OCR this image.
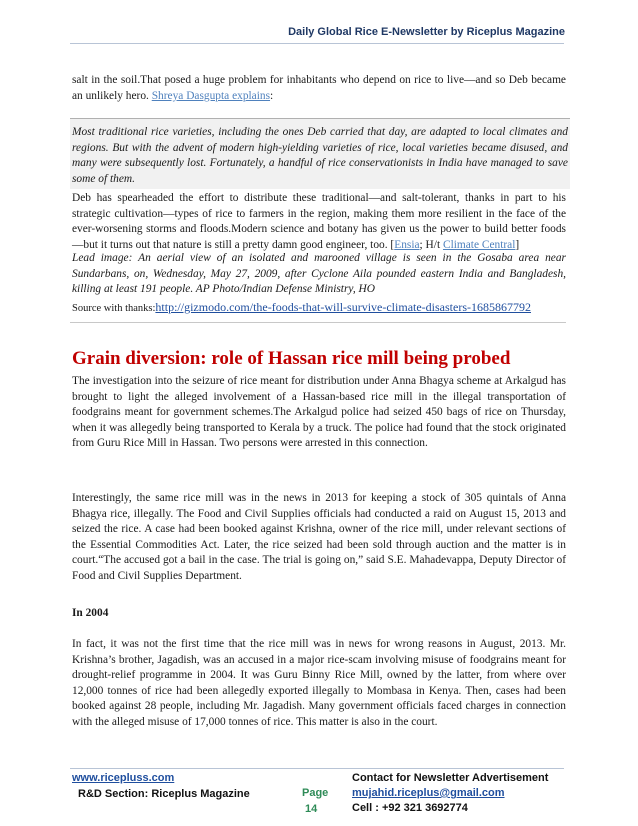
Daily Global Rice E-Newsletter by Riceplus Magazine

salt in the soil.That posed a huge problem for inhabitants who depend on rice to live—and so Deb became an unlikely hero. Shreya Dasgupta explains:

Most traditional rice varieties, including the ones Deb carried that day, are adapted to local climates and regions. But with the advent of modern high-yielding varieties of rice, local varieties became disused, and many were subsequently lost. Fortunately, a handful of rice conservationists in India have managed to save some of them.

Deb has spearheaded the effort to distribute these traditional—and salt-tolerant, thanks in part to his strategic cultivation—types of rice to farmers in the region, making them more resilient in the face of the ever-worsening storms and floods.Modern science and botany has given us the power to build better foods—but it turns out that nature is still a pretty damn good engineer, too. [Ensia; H/t Climate Central]

Lead image: An aerial view of an isolated and marooned village is seen in the Gosaba area near Sundarbans, on, Wednesday, May 27, 2009, after Cyclone Aila pounded eastern India and Bangladesh, killing at least 191 people. AP Photo/Indian Defense Ministry, HO

Source with thanks:http://gizmodo.com/the-foods-that-will-survive-climate-disasters-1685867792
Grain diversion: role of Hassan rice mill being probed

The investigation into the seizure of rice meant for distribution under Anna Bhagya scheme at Arkalgud has brought to light the alleged involvement of a Hassan-based rice mill in the illegal transportation of foodgrains meant for government schemes.The Arkalgud police had seized 450 bags of rice on Thursday, when it was allegedly being transported to Kerala by a truck. The police had found that the stock originated from Guru Rice Mill in Hassan. Two persons were arrested in this connection.

Interestingly, the same rice mill was in the news in 2013 for keeping a stock of 305 quintals of Anna Bhagya rice, illegally. The Food and Civil Supplies officials had conducted a raid on August 15, 2013 and seized the rice. A case had been booked against Krishna, owner of the rice mill, under relevant sections of the Essential Commodities Act. Later, the rice seized had been sold through auction and the matter is in court.“The accused got a bail in the case. The trial is going on,” said S.E. Mahadevappa, Deputy Director of Food and Civil Supplies Department.

In 2004

In fact, it was not the first time that the rice mill was in news for wrong reasons in August, 2013. Mr. Krishna’s brother, Jagadish, was an accused in a major rice-scam involving misuse of foodgrains meant for drought-relief programme in 2004. It was Guru Binny Rice Mill, owned by the latter, from where over 12,000 tonnes of rice had been allegedly exported illegally to Mombasa in Kenya. Then, cases had been booked against 28 people, including Mr. Jagadish. Many government officials faced charges in connection with the alleged misuse of 17,000 tonnes of rice. This matter is also in the court.

www.ricepluss.com
R&D Section: Riceplus Magazine	Page
14
Contact for Newsletter Advertisement
mujahid.riceplus@gmail.com
Cell : +92 321 3692774
